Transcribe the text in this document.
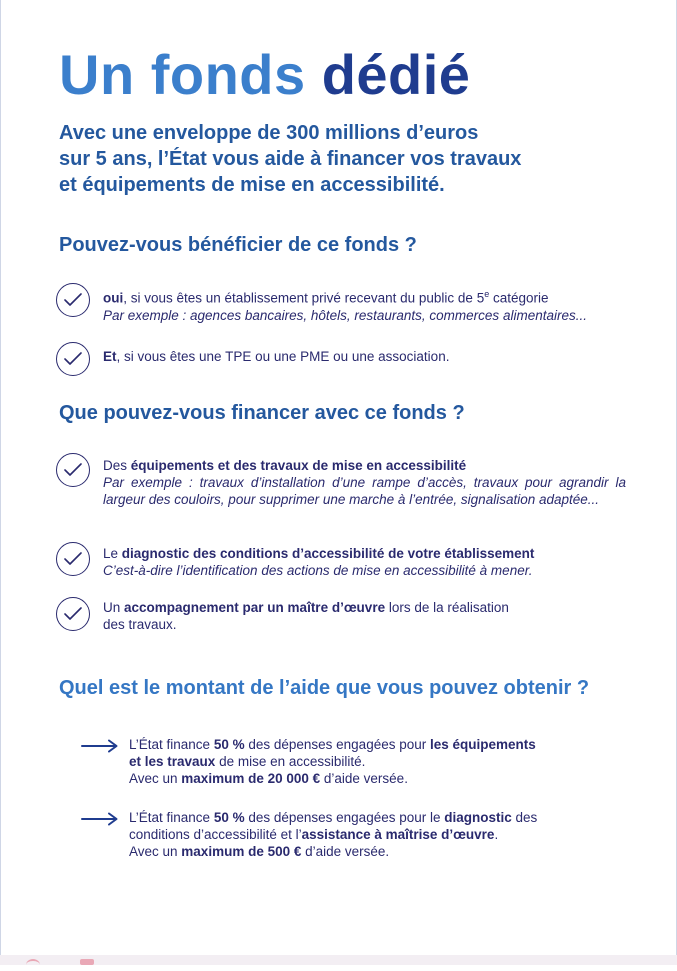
Un fonds dédié

Avec une enveloppe de 300 millions d’euros
sur 5 ans, l’État vous aide à financer vos travaux
et équipements de mise en accessibilité.

Pouvez-vous bénéficier de ce fonds ?
oui, si vous êtes un établissement privé recevant du public de 5e catégorie
Par exemple : agences bancaires, hôtels, restaurants, commerces alimentaires...
Et, si vous êtes une TPE ou une PME ou une association.
Que pouvez-vous financer avec ce fonds ?
Des équipements et des travaux de mise en accessibilité
Par exemple : travaux d’installation d’une rampe d’accès, travaux pour agrandir la largeur des couloirs, pour supprimer une marche à l’entrée, signalisation adaptée...
Le diagnostic des conditions d’accessibilité de votre établissement
C’est-à-dire l’identification des actions de mise en accessibilité à mener.
Un accompagnement par un maître d’œuvre lors de la réalisation
des travaux.
Quel est le montant de l’aide que vous pouvez obtenir ?
L’État finance 50 % des dépenses engagées pour les équipements
et les travaux de mise en accessibilité.
Avec un maximum de 20 000 € d’aide versée.
L’État finance 50 % des dépenses engagées pour le diagnostic des
conditions d’accessibilité et l’assistance à maîtrise d’œuvre.
Avec un maximum de 500 € d’aide versée.
